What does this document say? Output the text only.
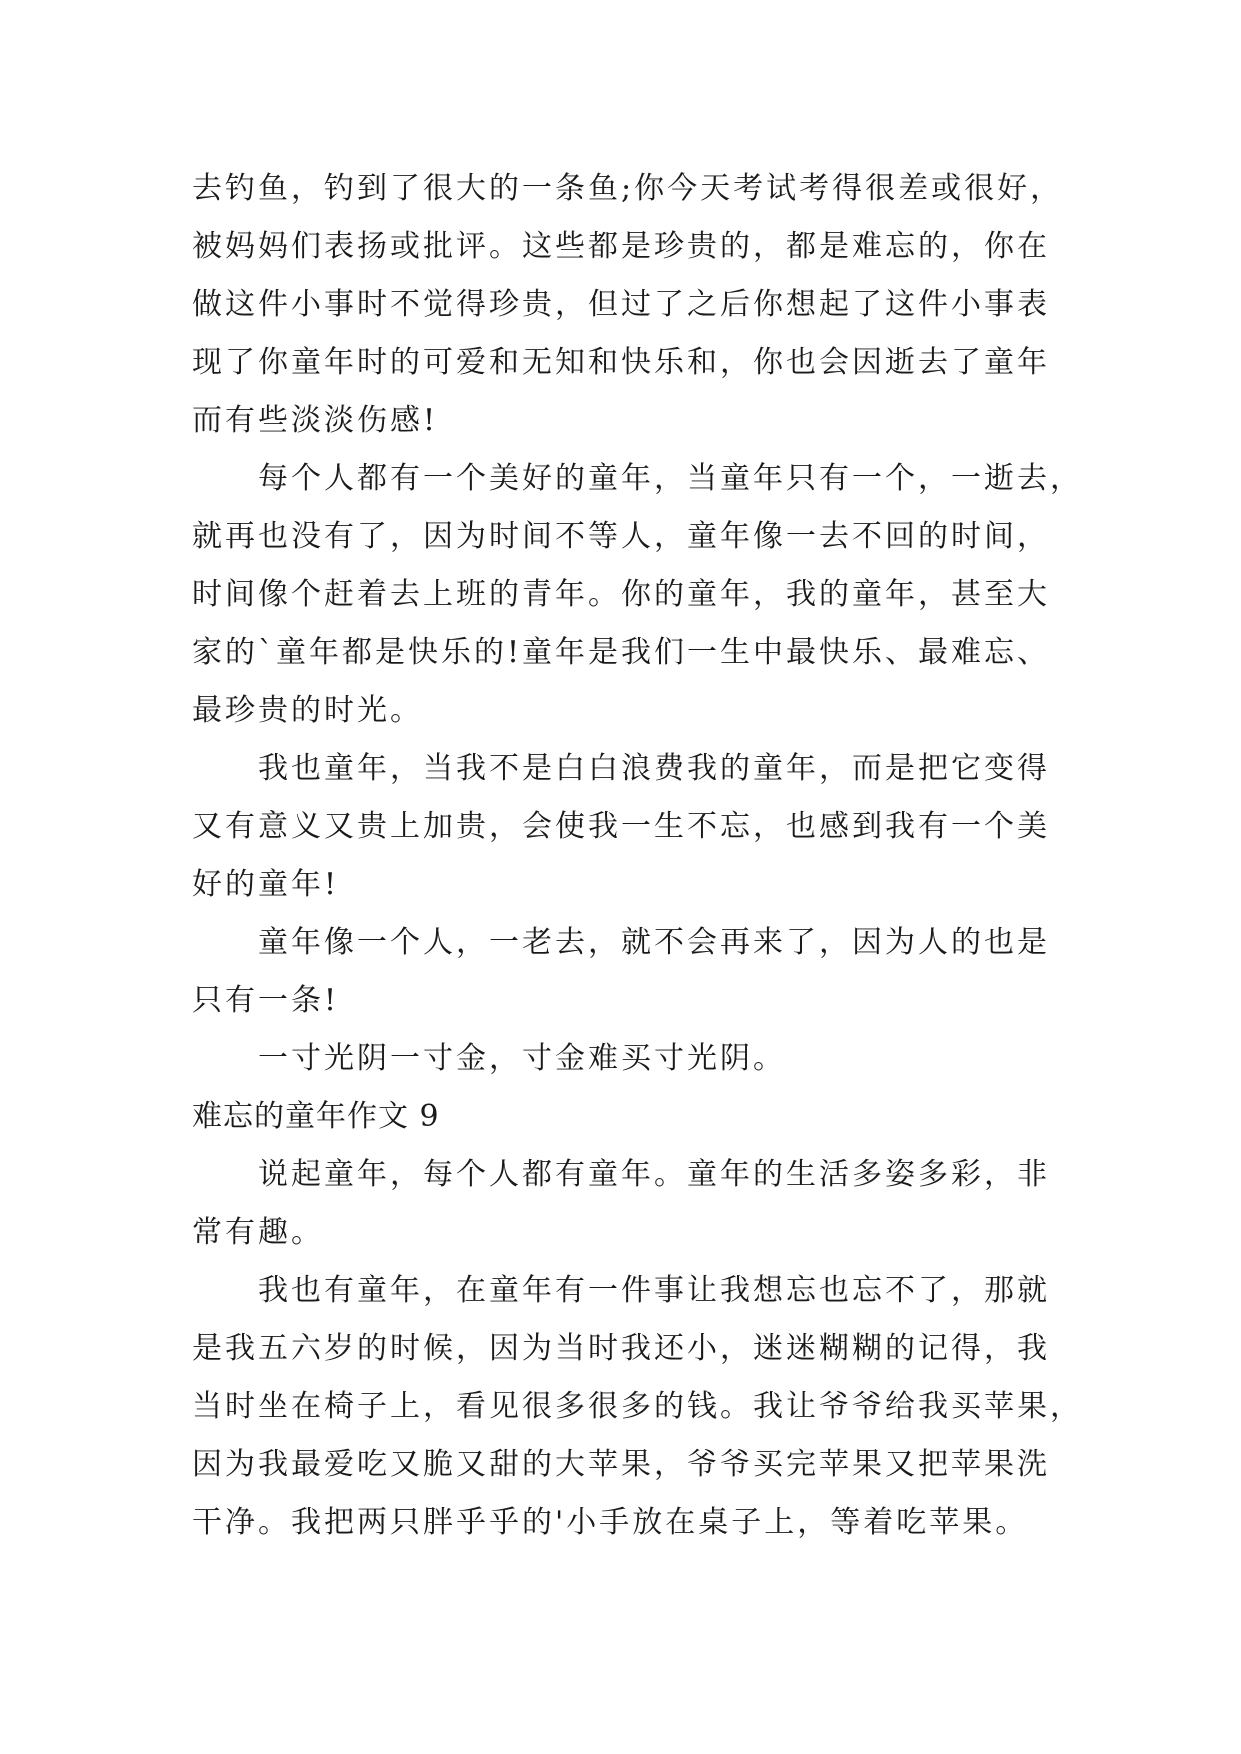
去钓鱼，钓到了很大的一条鱼;你今天考试考得很差或很好，
被妈妈们表扬或批评。这些都是珍贵的，都是难忘的，你在
做这件小事时不觉得珍贵，但过了之后你想起了这件小事表
现了你童年时的可爱和无知和快乐和，你也会因逝去了童年
而有些淡淡伤感!
每个人都有一个美好的童年，当童年只有一个，一逝去，
就再也没有了，因为时间不等人，童年像一去不回的时间，
时间像个赶着去上班的青年。你的童年，我的童年，甚至大
家的`童年都是快乐的!童年是我们一生中最快乐、最难忘、
最珍贵的时光。
我也童年，当我不是白白浪费我的童年，而是把它变得
又有意义又贵上加贵，会使我一生不忘，也感到我有一个美
好的童年!
童年像一个人，一老去，就不会再来了，因为人的也是
只有一条!
一寸光阴一寸金，寸金难买寸光阴。
难忘的童年作文 9
说起童年，每个人都有童年。童年的生活多姿多彩，非
常有趣。
我也有童年，在童年有一件事让我想忘也忘不了，那就
是我五六岁的时候，因为当时我还小，迷迷糊糊的记得，我
当时坐在椅子上，看见很多很多的钱。我让爷爷给我买苹果，
因为我最爱吃又脆又甜的大苹果，爷爷买完苹果又把苹果洗
干净。我把两只胖乎乎的'小手放在桌子上，等着吃苹果。
